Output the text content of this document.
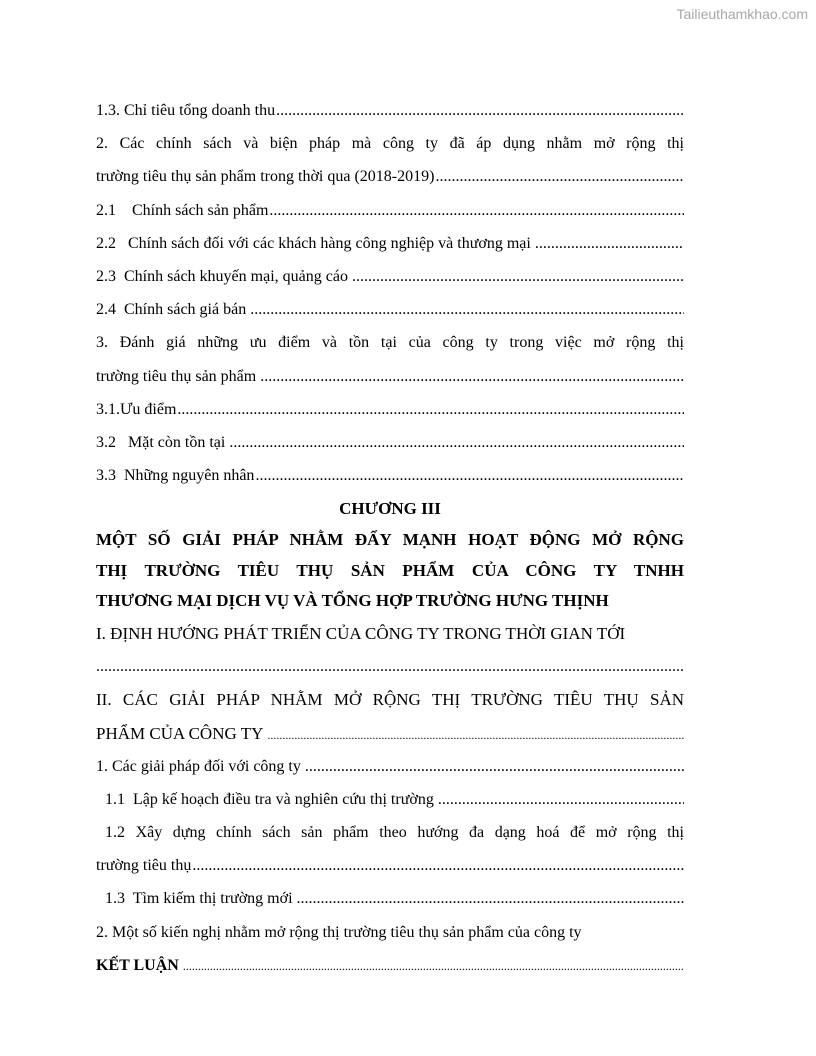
Tailieuthamkhao.com
1.3. Chỉ tiêu tổng doanh thu
.....
2. Các chính sách và biện pháp mà công ty đã áp dụng nhằm mở rộng thị
trường tiêu thụ sản phẩm trong thời qua (2018-2019)
.....
2.1    Chính sách sản phẩm
.....
2.2   Chính sách đối với các khách hàng công nghiệp và thương mại
.....
2.3  Chính sách khuyến mại, quảng cáo
.....
2.4  Chính sách giá bán
.....
3. Đánh giá những ưu điểm và tồn tại của công ty trong việc mở rộng thị
trường tiêu thụ sản phẩm
.....
3.1.Ưu điểm
.....
3.2   Mặt còn tồn tại
.....
3.3  Những nguyên nhân
.....
CHƯƠNG III
MỘT SỐ GIẢI PHÁP NHẰM ĐẨY MẠNH HOẠT ĐỘNG MỞ RỘNG
THỊ TRƯỜNG TIÊU THỤ SẢN PHẨM CỦA CÔNG TY TNHH
THƯƠNG MẠI DỊCH VỤ VÀ TỔNG HỢP TRƯỜNG HƯNG THỊNH
I. ĐỊNH HƯỚNG PHÁT TRIỂN CỦA CÔNG TY TRONG THỜI GIAN TỚI
.....
II. CÁC GIẢI PHÁP NHẰM MỞ RỘNG THỊ TRƯỜNG TIÊU THỤ SẢN
PHẨM CỦA CÔNG TY
.....
1. Các giải pháp đối với công ty
.....
1.1  Lập kế hoạch điều tra và nghiên cứu thị trường
.....
1.2 Xây dựng chính sách sản phẩm theo hướng đa dạng hoá để mở rộng thị
trường tiêu thụ
.....
1.3  Tìm kiếm thị trường mới
.....
2. Một số kiến nghị nhằm mở rộng thị trường tiêu thụ sản phẩm của công ty
KẾT LUẬN
.....
